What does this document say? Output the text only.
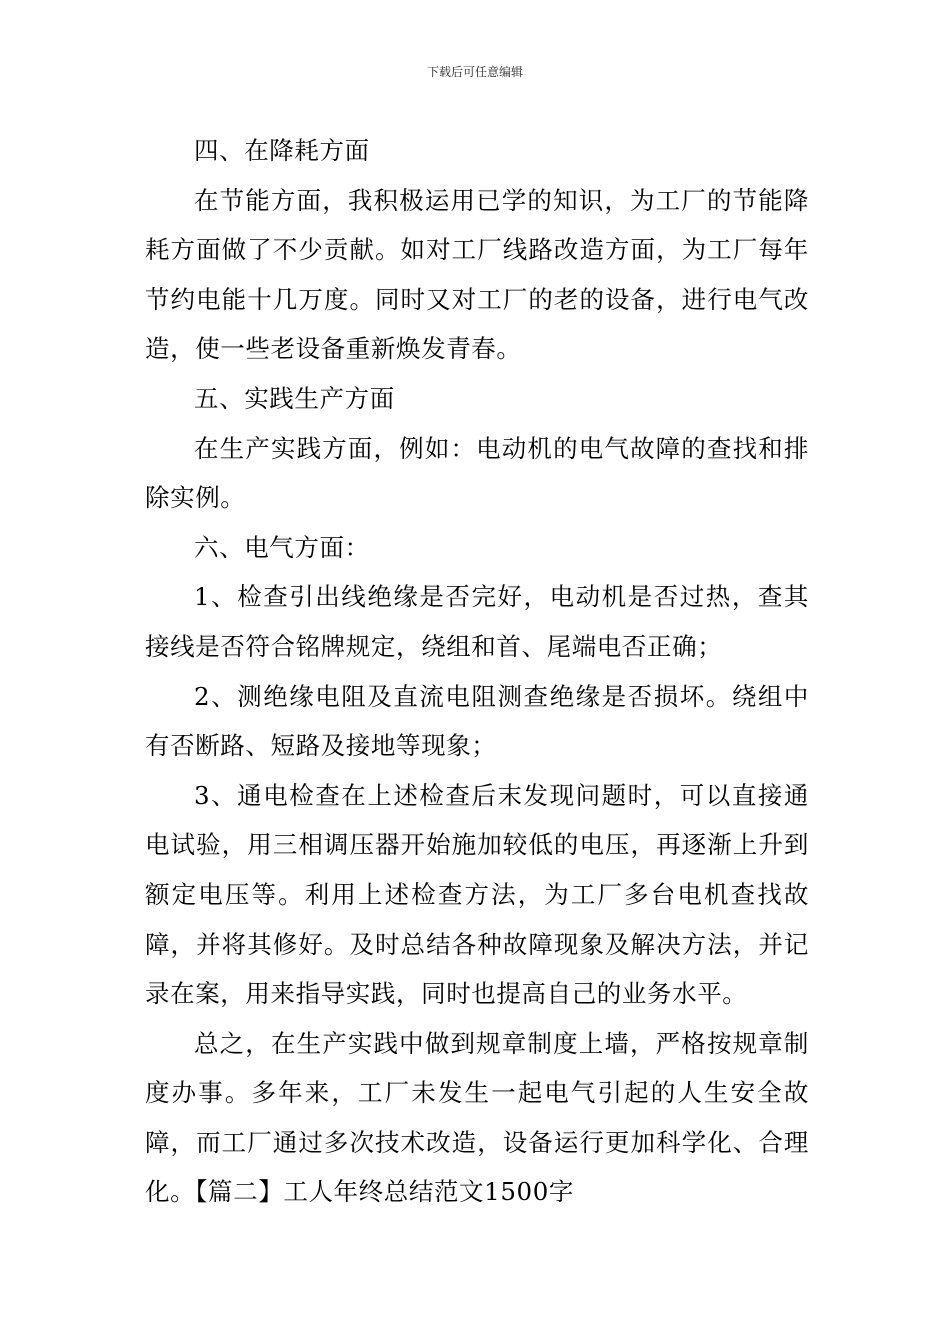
下载后可任意编辑

四、在降耗方面

在节能方面，我积极运用已学的知识，为工厂的节能降耗方面做了不少贡献。如对工厂线路改造方面，为工厂每年节约电能十几万度。同时又对工厂的老的设备，进行电气改造，使一些老设备重新焕发青春。

五、实践生产方面

在生产实践方面，例如：电动机的电气故障的查找和排除实例。

六、电气方面：

1、检查引出线绝缘是否完好，电动机是否过热，查其接线是否符合铭牌规定，绕组和首、尾端电否正确；

2、测绝缘电阻及直流电阻测查绝缘是否损坏。绕组中有否断路、短路及接地等现象；

3、通电检查在上述检查后末发现问题时，可以直接通电试验，用三相调压器开始施加较低的电压，再逐渐上升到额定电压等。利用上述检查方法，为工厂多台电机查找故障，并将其修好。及时总结各种故障现象及解决方法，并记录在案，用来指导实践，同时也提高自己的业务水平。

总之，在生产实践中做到规章制度上墙，严格按规章制度办事。多年来，工厂未发生一起电气引起的人生安全故障，而工厂通过多次技术改造，设备运行更加科学化、合理化。【篇二】工人年终总结范文1500字
